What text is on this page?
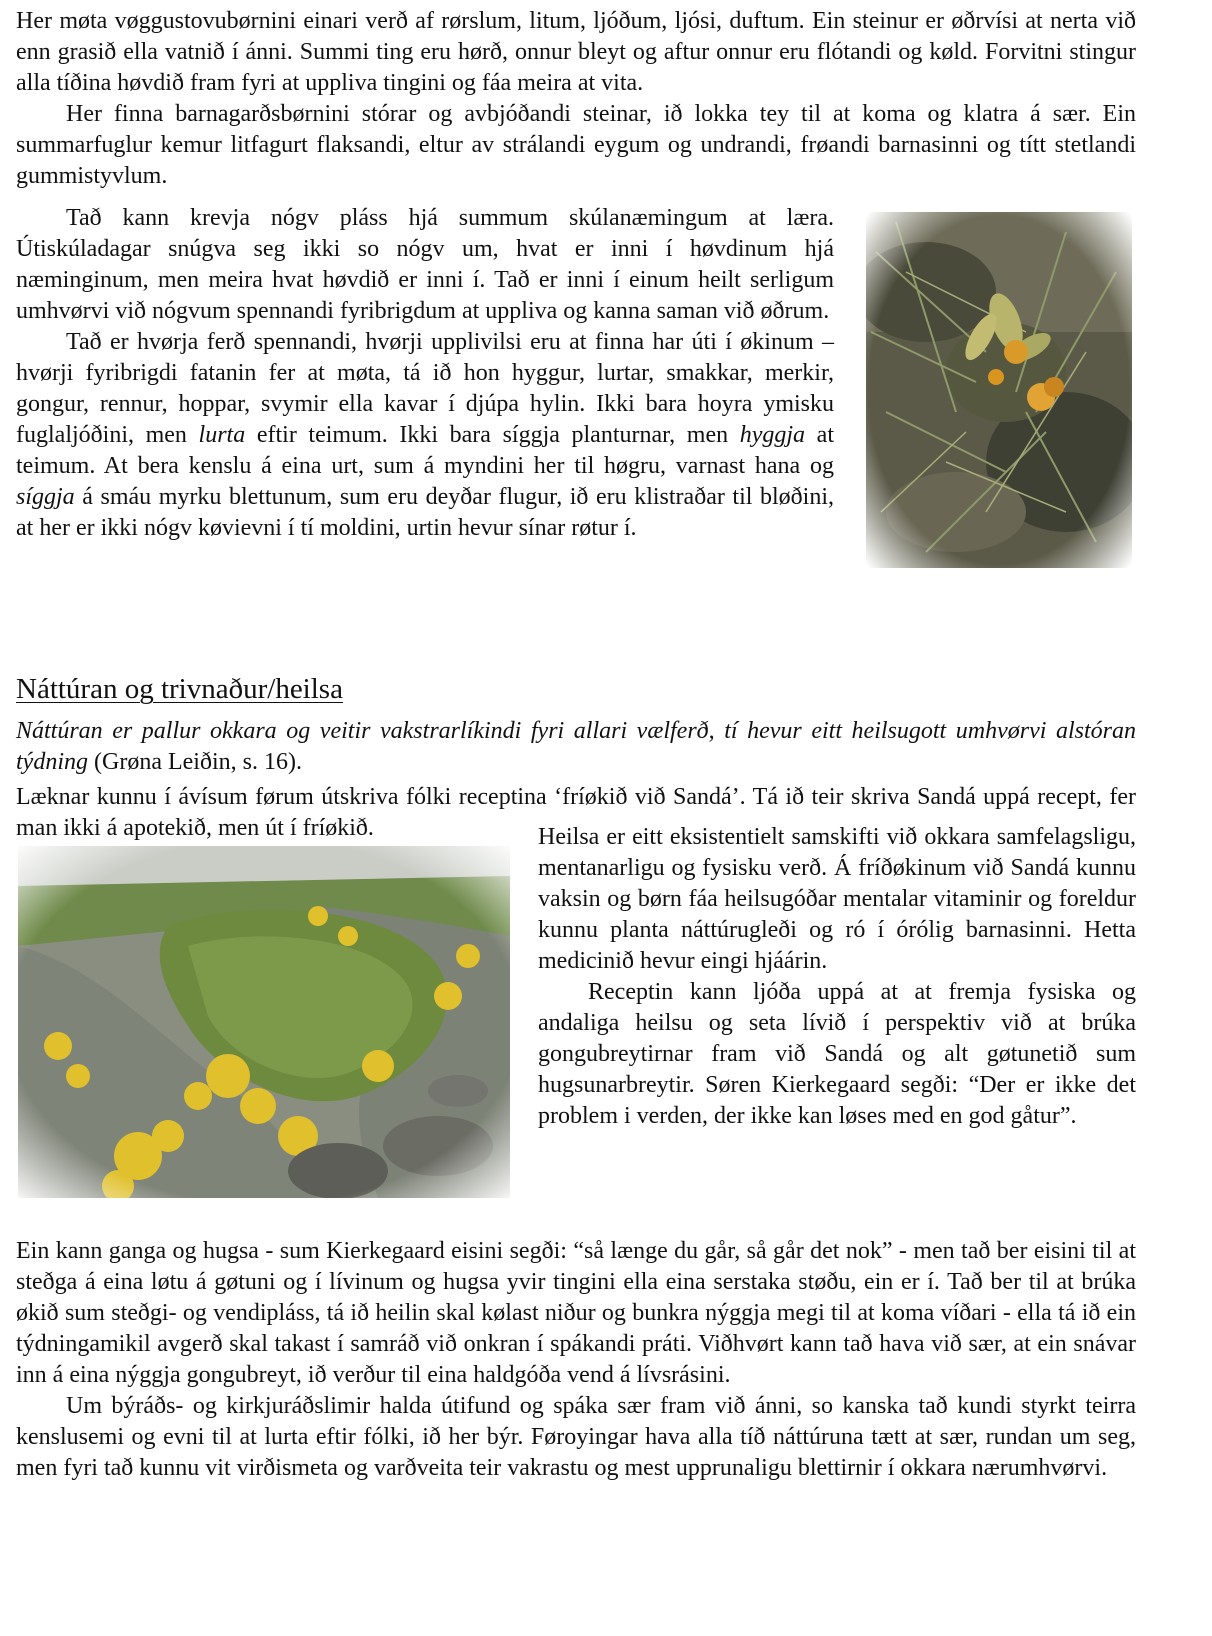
Her møta vøggustovubørnini einari verð af rørslum, litum, ljóðum, ljósi, duftum. Ein steinur er øðrvísi at nerta við enn grasið ella vatnið í ánni. Summi ting eru hørð, onnur bleyt og aftur onnur eru flótandi og køld. Forvitni stingur alla tíðina høvdið fram fyri at uppliva tingini og fáa meira at vita.

Her finna barnagarðsbørnini stórar og avbjóðandi steinar, ið lokka tey til at koma og klatra á sær. Ein summarfuglur kemur litfagurt flaksandi, eltur av strálandi eygum og undrandi, frøandi barnasinni og títt stetlandi gummistyvlum.

Tað kann krevja nógv pláss hjá summum skúlanæmingum at læra. Útiskúladagar snúgva seg ikki so nógv um, hvat er inni í høvdinum hjá næminginum, men meira hvat høvdið er inni í. Tað er inni í einum heilt serligum umhvørvi við nógvum spennandi fyribrigdum at uppliva og kanna saman við øðrum.

Tað er hvørja ferð spennandi, hvørji upplivilsi eru at finna har úti í økinum – hvørji fyribrigdi fatanin fer at møta, tá ið hon hyggur, lurtar, smakkar, merkir, gongur, rennur, hoppar, svymir ella kavar í djúpa hylin. Ikki bara hoyra ymisku fuglaljóðini, men lurta eftir teimum. Ikki bara síggja planturnar, men hyggja at teimum. At bera kenslu á eina urt, sum á myndini her til høgru, varnast hana og síggja á smáu myrku blettunum, sum eru deyðar flugur, ið eru klistraðar til bløðini, at her er ikki nógv køvievni í tí moldini, urtin hevur sínar røtur í.

Náttúran og trivnaður/heilsa

Náttúran er pallur okkara og veitir vakstrarlíkindi fyri allari vælferð, tí hevur eitt heilsugott umhvørvi alstóran týdning (Grøna Leiðin, s. 16).

Læknar kunnu í ávísum førum útskriva fólki receptina ‘fríøkið við Sandá’. Tá ið teir skriva Sandá uppá recept, fer man ikki á apotekið, men út í fríøkið.	Heilsa er eitt eksistentielt samskifti við okkara samfelagsligu, mentanarligu og fysisku verð. Á fríðøkinum við Sandá kunnu vaksin og børn fáa heilsugóðar mentalar vitaminir og foreldur kunnu planta náttúrugleði og ró í órólig barnasinni. Hetta medicinið hevur eingi hjáárin.

Receptin kann ljóða uppá at at fremja fysiska og andaliga heilsu og seta lívið í perspektiv við at brúka gongubreytirnar fram við Sandá og alt gøtunetið sum hugsunarbreytir. Søren Kierkegaard segði: “Der er ikke det problem i verden, der ikke kan løses med en god gåtur”.

Ein kann ganga og hugsa - sum Kierkegaard eisini segði: “så længe du går, så går det nok” - men tað ber eisini til at steðga á eina løtu á gøtuni og í lívinum og hugsa yvir tingini ella eina serstaka støðu, ein er í. Tað ber til at brúka økið sum steðgi- og vendipláss, tá ið heilin skal kølast niður og bunkra nýggja megi til at koma víðari - ella tá ið ein týdningamikil avgerð skal takast í samráð við onkran í spákandi práti. Viðhvørt kann tað hava við sær, at ein snávar inn á eina nýggja gongubreyt, ið verður til eina haldgóða vend á lívsrásini.

Um býráðs- og kirkjuráðslimir halda útifund og spáka sær fram við ánni, so kanska tað kundi styrkt teirra kenslusemi og evni til at lurta eftir fólki, ið her býr. Føroyingar hava alla tíð náttúruna tætt at sær, rundan um seg, men fyri tað kunnu vit virðismeta og varðveita teir vakrastu og mest upprunaligu blettirnir í okkara nærumhvørvi.
